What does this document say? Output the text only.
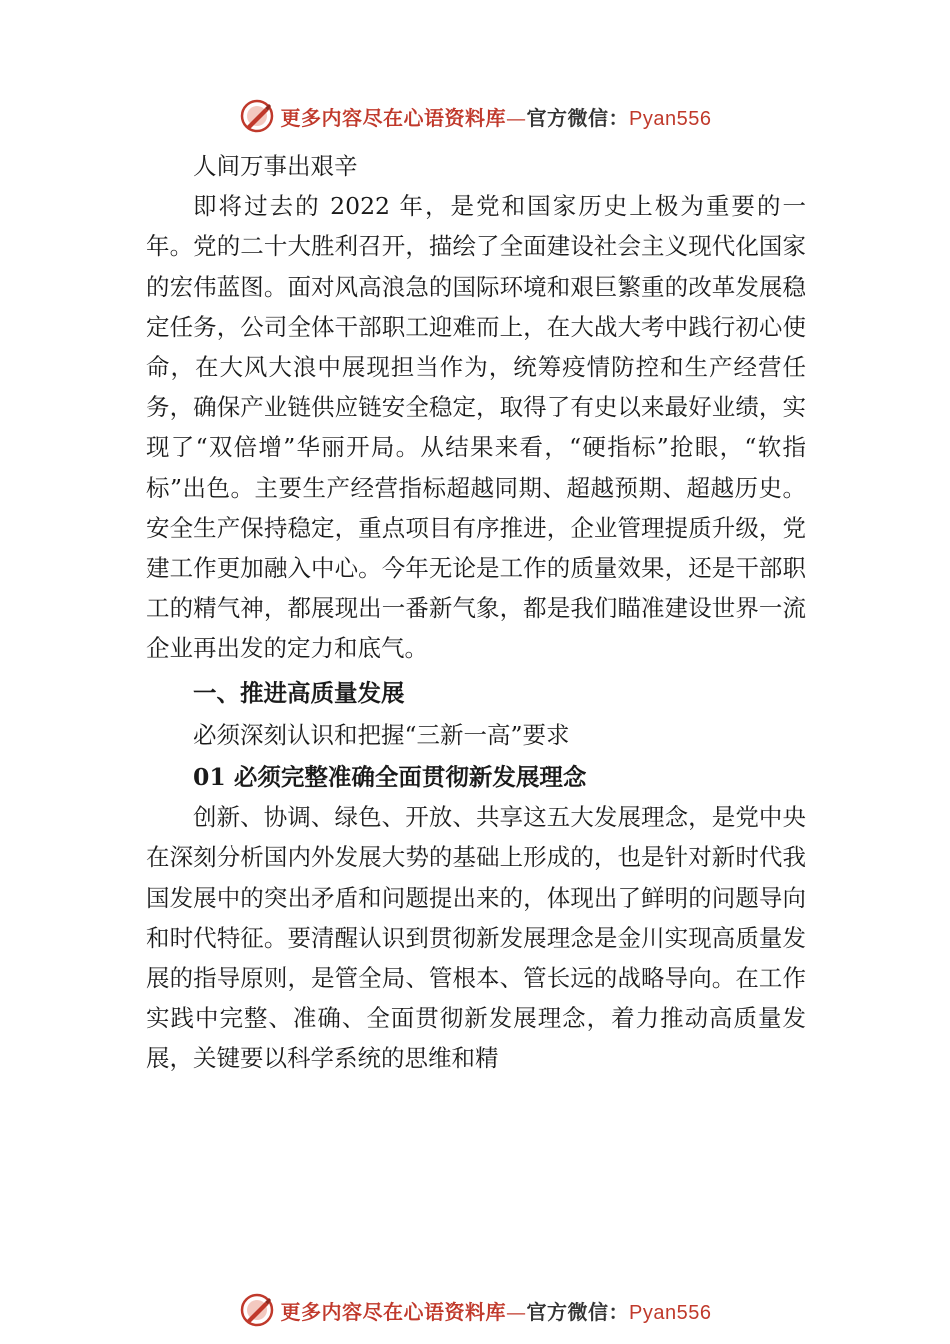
更多内容尽在心语资料库—官方微信：Pyan556

人间万事出艰辛

即将过去的 2022 年，是党和国家历史上极为重要的一年。党的二十大胜利召开，描绘了全面建设社会主义现代化国家的宏伟蓝图。面对风高浪急的国际环境和艰巨繁重的改革发展稳定任务，公司全体干部职工迎难而上，在大战大考中践行初心使命，在大风大浪中展现担当作为，统筹疫情防控和生产经营任务，确保产业链供应链安全稳定，取得了有史以来最好业绩，实现了“双倍增”华丽开局。从结果来看，“硬指标”抢眼，“软指标”出色。主要生产经营指标超越同期、超越预期、超越历史。安全生产保持稳定，重点项目有序推进，企业管理提质升级，党建工作更加融入中心。今年无论是工作的质量效果，还是干部职工的精气神，都展现出一番新气象，都是我们瞄准建设世界一流企业再出发的定力和底气。

一、推进高质量发展

必须深刻认识和把握“三新一高”要求

01 必须完整准确全面贯彻新发展理念

创新、协调、绿色、开放、共享这五大发展理念，是党中央在深刻分析国内外发展大势的基础上形成的，也是针对新时代我国发展中的突出矛盾和问题提出来的，体现出了鲜明的问题导向和时代特征。要清醒认识到贯彻新发展理念是金川实现高质量发展的指导原则，是管全局、管根本、管长远的战略导向。在工作实践中完整、准确、全面贯彻新发展理念，着力推动高质量发展，关键要以科学系统的思维和精

更多内容尽在心语资料库—官方微信：Pyan556
